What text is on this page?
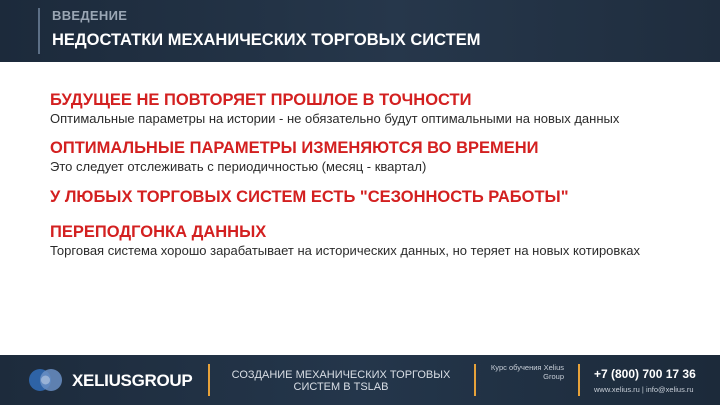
ВВЕДЕНИЕ
НЕДОСТАТКИ МЕХАНИЧЕСКИХ ТОРГОВЫХ СИСТЕМ
БУДУЩЕЕ НЕ ПОВТОРЯЕТ ПРОШЛОЕ В ТОЧНОСТИ
Оптимальные параметры на истории - не обязательно будут оптимальными на новых данных
ОПТИМАЛЬНЫЕ ПАРАМЕТРЫ ИЗМЕНЯЮТСЯ ВО ВРЕМЕНИ
Это следует отслеживать с периодичностью (месяц - квартал)
У ЛЮБЫХ ТОРГОВЫХ СИСТЕМ ЕСТЬ "СЕЗОННОСТЬ РАБОТЫ"
ПЕРЕПОДГОНКА ДАННЫХ
Торговая система хорошо зарабатывает на исторических данных, но теряет на новых котировках
XELIUSGROUP	СОЗДАНИЕ МЕХАНИЧЕСКИХ ТОРГОВЫХ СИСТЕМ В TSLAB
Курс обучения Xelius Group	+7 (800) 700 17 36
www.xelius.ru | info@xelius.ru
